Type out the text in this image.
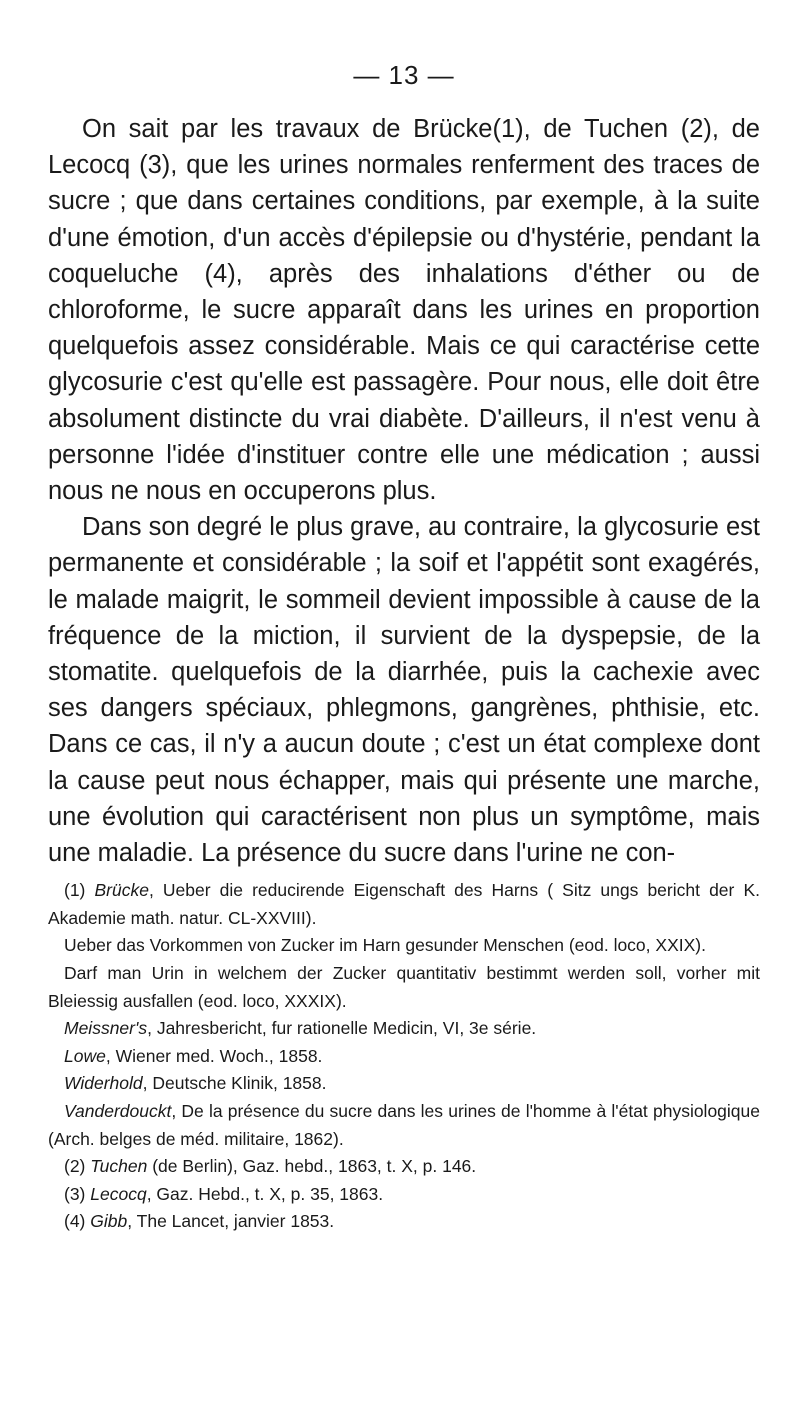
— 13 —

On sait par les travaux de Brücke(1), de Tuchen (2), de Lecocq (3), que les urines normales renferment des traces de sucre ; que dans certaines conditions, par exemple, à la suite d'une émotion, d'un accès d'épilepsie ou d'hystérie, pendant la coqueluche (4), après des inhalations d'éther ou de chloroforme, le sucre apparaît dans les urines en proportion quelquefois assez considérable. Mais ce qui caractérise cette glycosurie c'est qu'elle est passagère. Pour nous, elle doit être absolument distincte du vrai diabète. D'ailleurs, il n'est venu à personne l'idée d'instituer contre elle une médication ; aussi nous ne nous en occuperons plus.

Dans son degré le plus grave, au contraire, la glycosurie est permanente et considérable ; la soif et l'appétit sont exagérés, le malade maigrit, le sommeil devient impossible à cause de la fréquence de la miction, il survient de la dyspepsie, de la stomatite. quelquefois de la diarrhée, puis la cachexie avec ses dangers spéciaux, phlegmons, gangrènes, phthisie, etc. Dans ce cas, il n'y a aucun doute ; c'est un état complexe dont la cause peut nous échapper, mais qui présente une marche, une évolution qui caractérisent non plus un symptôme, mais une maladie. La présence du sucre dans l'urine ne con-

(1) Brücke, Ueber die reducirende Eigenschaft des Harns ( Sitz ungs bericht der K. Akademie math. natur. CL-XXVIII).

Ueber das Vorkommen von Zucker im Harn gesunder Menschen (eod. loco, XXIX).

Darf man Urin in welchem der Zucker quantitativ bestimmt werden soll, vorher mit Bleiessig ausfallen (eod. loco, XXXIX).

Meissner's, Jahresbericht, fur rationelle Medicin, VI, 3e série.

Lowe, Wiener med. Woch., 1858.

Widerhold, Deutsche Klinik, 1858.

Vanderdouckt, De la présence du sucre dans les urines de l'homme à l'état physiologique (Arch. belges de méd. militaire, 1862).

(2) Tuchen (de Berlin), Gaz. hebd., 1863, t. X, p. 146.

(3) Lecocq, Gaz. Hebd., t. X, p. 35, 1863.

(4) Gibb, The Lancet, janvier 1853.
